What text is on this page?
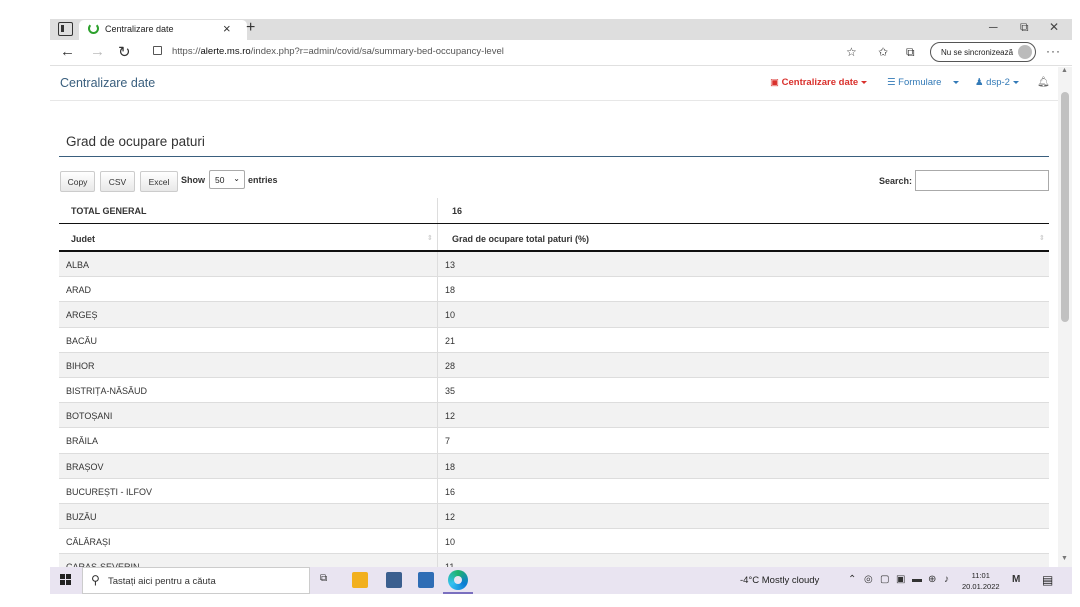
Centralizare date	× +	─ ⧉ ✕
← → ↻	https://alerte.ms.ro/index.php?r=admin/covid/sa/summary-bed-occupancy-level	☆ ✩ ⧉	Nu se sincronizează	···
Centralizare date	▣ Centralizare date	☰ Formulare	♟ dsp-2	🔔︎
Grad de ocupare paturi
Copy	CSV	Excel	Show	50 ⌄ entries	Search:
TOTAL GENERAL	16
Judet	⇕ Grad de ocupare total paturi (%)	⇕
ALBA	13
ARAD	18
ARGEȘ	10
BACĂU	21
BIHOR	28
BISTRIȚA-NĂSĂUD	35
BOTOȘANI	12
BRĂILA	7
BRAȘOV	18
BUCUREȘTI - ILFOV	16
BUZĂU	12
CĂLĂRAȘI	10
▲
▼
⚲ Tastați aici pentru a căuta	⧉	-4°C Mostly cloudy	⌃ ◎ ▢ ▣ ▬ ⊕ ♪	11:01
20.01.2022
M ▤
